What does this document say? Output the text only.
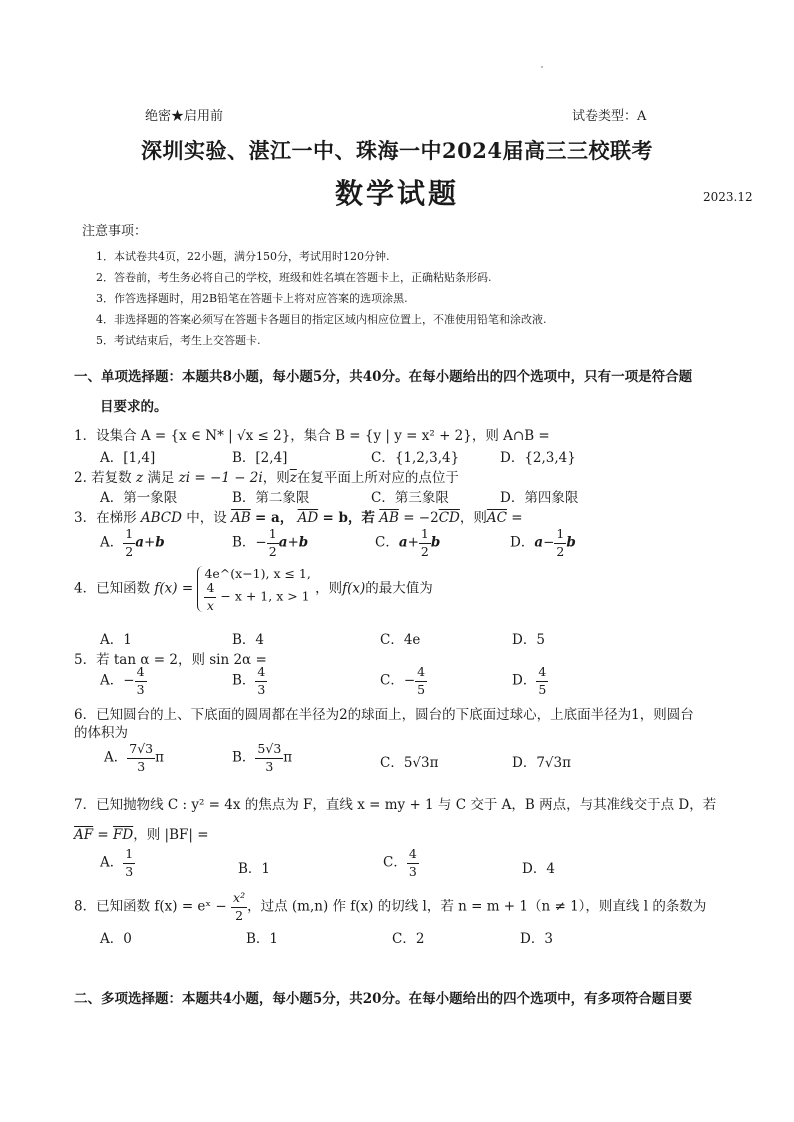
绝密★启用前	试卷类型：A
深圳实验、湛江一中、珠海一中2024届高三三校联考
数学试题	2023.12
注意事项：
1．本试卷共4页，22小题，满分150分，考试用时120分钟.
2．答卷前，考生务必将自己的学校，班级和姓名填在答题卡上，正确粘贴条形码.
3．作答选择题时，用2B铅笔在答题卡上将对应答案的选项涂黑.
4．非选择题的答案必须写在答题卡各题目的指定区域内相应位置上，不准使用铅笔和涂改液.
5．考试结束后，考生上交答题卡.
一、单项选择题：本题共8小题，每小题5分，共40分。在每小题给出的四个选项中，只有一项是符合题
目要求的。
1．设集合 A = {x ∈ N* | √x ≤ 2}，集合 B = {y | y = x² + 2}，则 A∩B =
A．[1,4]	B．[2,4]	C．{1,2,3,4}	D．{2,3,4}
2. 若复数 z 满足 zi = −1 − 2i，则$\overline{z}$在复平面上所对应的点位于
A．第一象限	B．第二象限	C．第三象限	D．第四象限
3．在梯形 ABCD 中，设 $\overline{AB} = a$， $\overline{AD} = b$，若 $\overline{AB} = -2\overline{CD}$，则$\overline{AC}$ =
A． $\frac{1}{2} a+b$	B．− $\frac{1}{2} a+b$	C．$a+ \frac{1}{2}$ b	D．$a- \frac{1}{2}$ b
4．已知函数 f(x) =
4e^(x−1), x ≤ 1,
$\frac{4}{x} - x + 1$, x > 1 ，则f(x)的最大值为
A．1	B．4	C．4e	D．5
5．若 tan α = 2，则 sin 2α =
A．− $\frac{4}{3}$	B． $\frac{4}{3}$	C．− $\frac{4}{5}$	D． $\frac{4}{5}$
6．已知圆台的上、下底面的圆周都在半径为2的球面上，圆台的下底面过球心，上底面半径为1，则圆台
的体积为
A． $\frac{7√3}{3}$ π	B． $\frac{5√3}{3}$ π	C．5√3π	D．7√3π
7．已知抛物线 C : y² = 4x 的焦点为 F，直线 x = my + 1 与 C 交于 A，B 两点，与其准线交于点 D，若
$\overline{AF} = \overline{FD}$，则 |BF| =
A． $\frac{1}{3}$	B．1	C． $\frac{4}{3}$	D．4
8．已知函数 f(x) = eˣ − $\frac{\text{x²}}{2}$ ，过点 (m,n) 作 f(x) 的切线 l，若 n = m + 1（n ≠ 1），则直线 l 的条数为
A．0	B．1	C．2	D．3
二、多项选择题：本题共4小题，每小题5分，共20分。在每小题给出的四个选项中，有多项符合题目要
